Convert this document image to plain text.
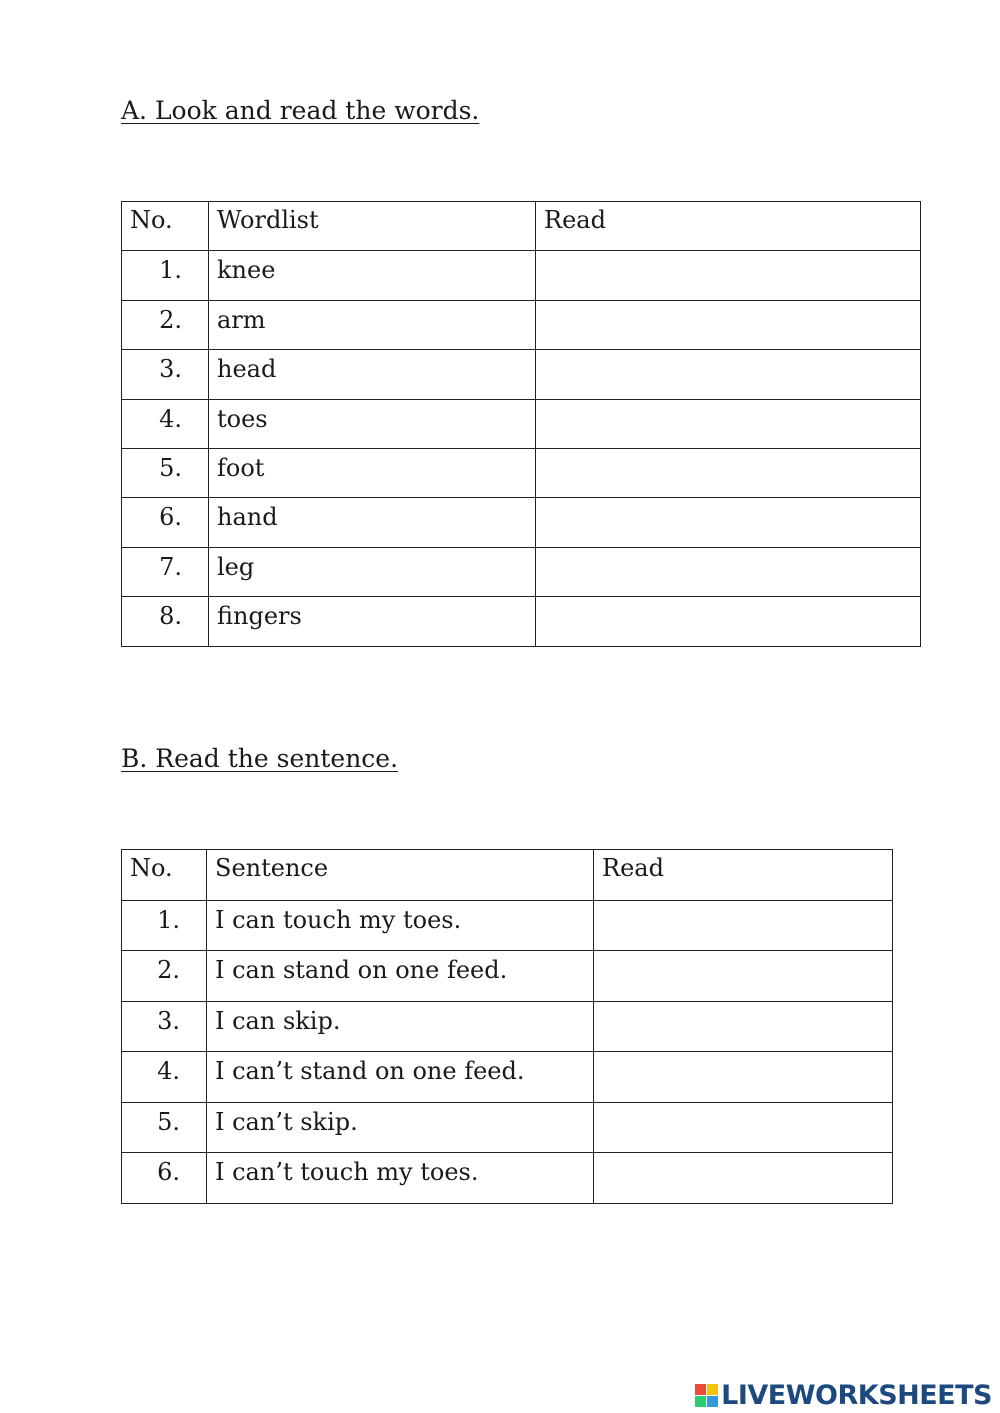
A. Look and read the words.
No.	Wordlist	Read
1.	knee	
2.	arm	
3.	head	
4.	toes	
5.	foot	
6.	hand	
7.	leg	
8.	fingers	
B. Read the sentence.
No.	Sentence	Read
1.	I can touch my toes.	
2.	I can stand on one feed.	
3.	I can skip.	
4.	I can’t stand on one feed.	
5.	I can’t skip.	
6.	I can’t touch my toes.	
LIVEWORKSHEETS
